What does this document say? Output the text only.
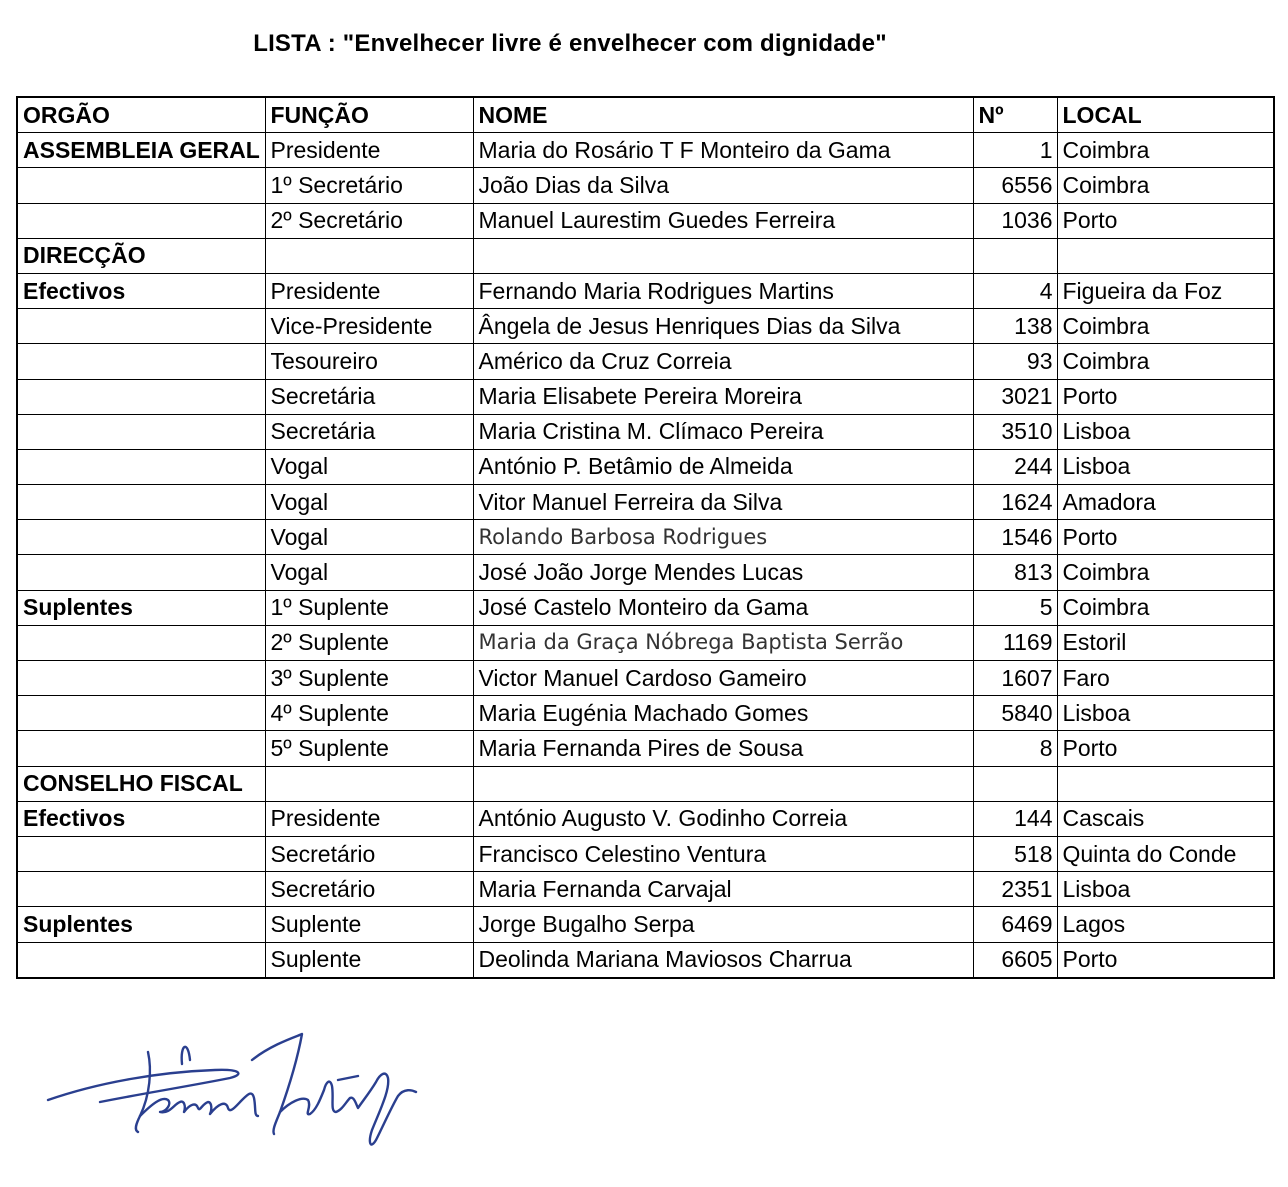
LISTA : "Envelhecer livre é envelhecer com dignidade"
ORGÃO	FUNÇÃO	NOME	Nº	LOCAL
ASSEMBLEIA GERAL	Presidente	Maria do Rosário T F Monteiro da Gama	1	Coimbra
	1º Secretário	João Dias da Silva	6556	Coimbra
	2º Secretário	Manuel Laurestim Guedes Ferreira	1036	Porto
DIRECÇÃO				
Efectivos	Presidente	Fernando Maria Rodrigues Martins	4	Figueira da Foz
	Vice-Presidente	Ângela de Jesus Henriques Dias da Silva	138	Coimbra
	Tesoureiro	Américo da Cruz Correia	93	Coimbra
	Secretária	Maria Elisabete Pereira Moreira	3021	Porto
	Secretária	Maria Cristina M. Clímaco Pereira	3510	Lisboa
	Vogal	António P. Betâmio de Almeida	244	Lisboa
	Vogal	Vitor Manuel Ferreira da Silva	1624	Amadora
	Vogal	Rolando Barbosa Rodrigues	1546	Porto
	Vogal	José João Jorge Mendes Lucas	813	Coimbra
Suplentes	1º Suplente	José Castelo Monteiro da Gama	5	Coimbra
	2º Suplente	Maria da Graça Nóbrega Baptista Serrão	1169	Estoril
	3º Suplente	Victor Manuel Cardoso Gameiro	1607	Faro
	4º Suplente	Maria Eugénia Machado Gomes	5840	Lisboa
	5º Suplente	Maria Fernanda Pires de Sousa	8	Porto
CONSELHO FISCAL				
Efectivos	Presidente	António Augusto V. Godinho Correia	144	Cascais
	Secretário	Francisco Celestino Ventura	518	Quinta do Conde
	Secretário	Maria Fernanda Carvajal	2351	Lisboa
Suplentes	Suplente	Jorge Bugalho Serpa	6469	Lagos
	Suplente	Deolinda Mariana Maviosos Charrua	6605	Porto
